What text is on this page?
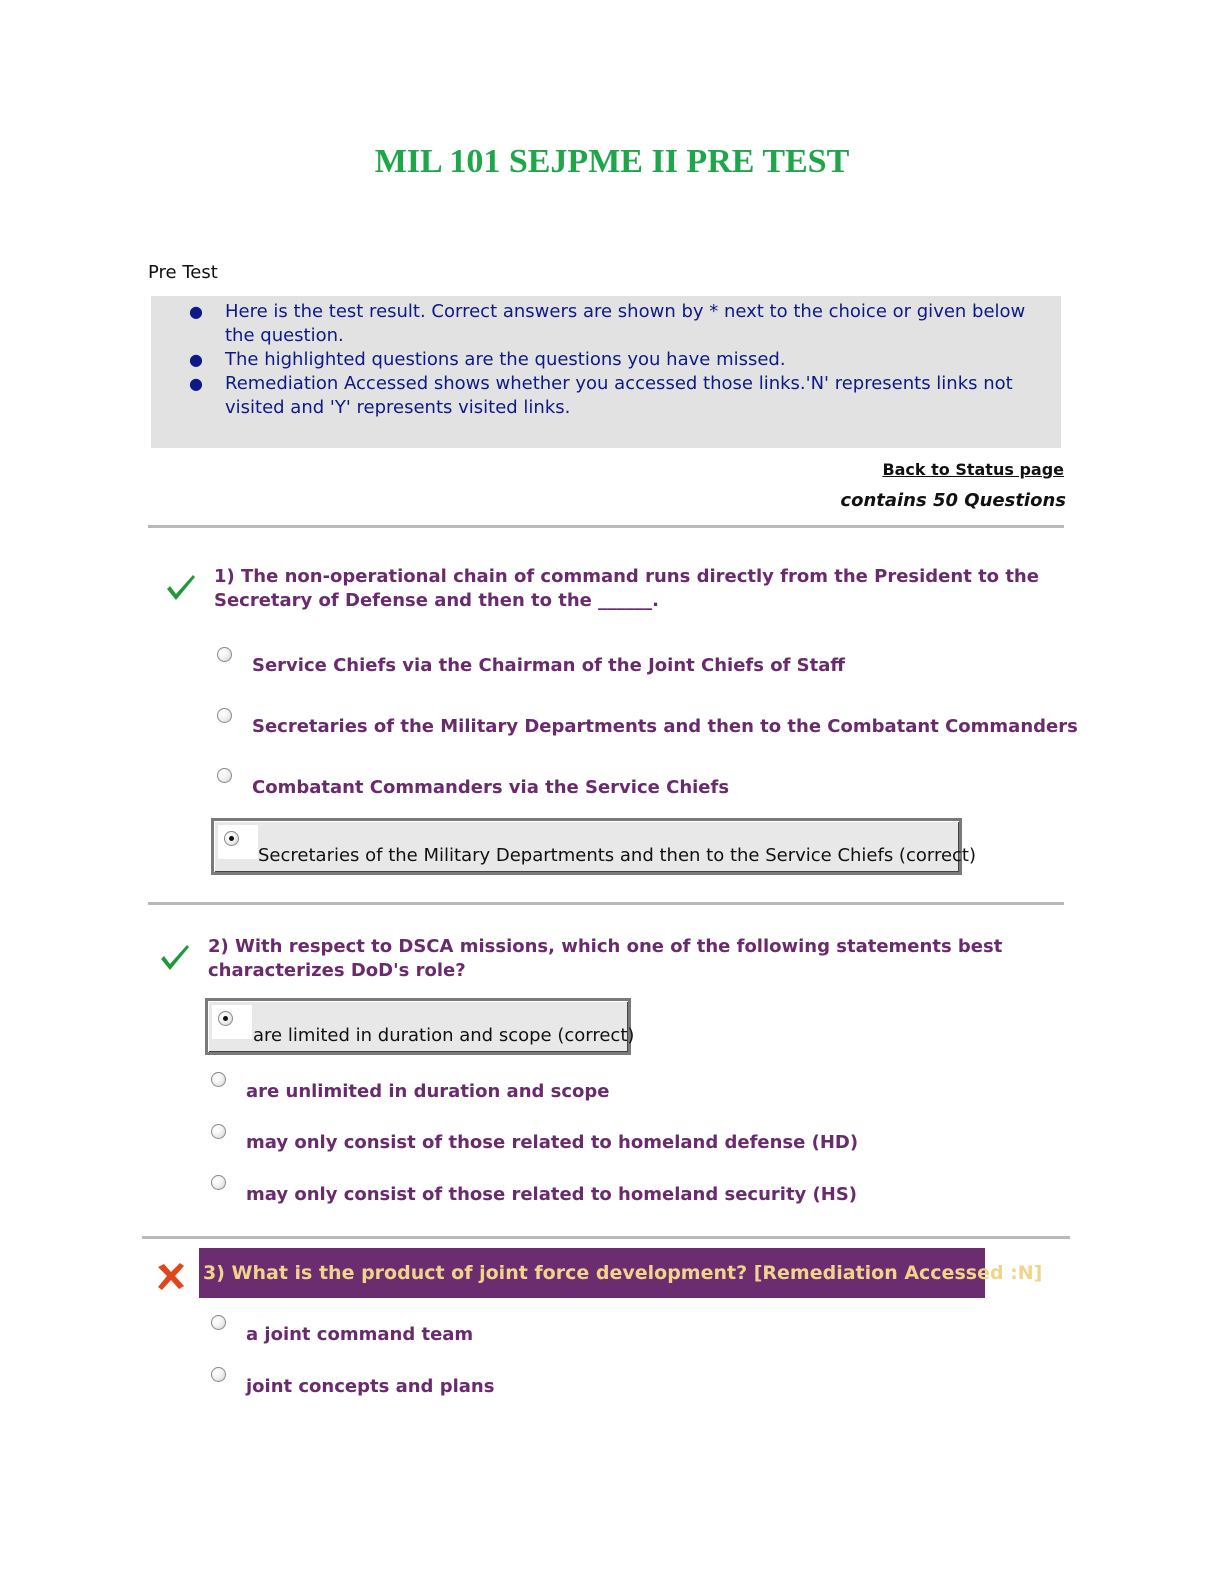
MIL 101 SEJPME II PRE TEST
Pre Test
● Here is the test result. Correct answers are shown by * next to the choice or given below the question.
● The highlighted questions are the questions you have missed.
● Remediation Accessed shows whether you accessed those links.'N' represents links not visited and 'Y' represents visited links.
Back to Status page
contains 50 Questions
1) The non-operational chain of command runs directly from the President to the Secretary of Defense and then to the ______.
Service Chiefs via the Chairman of the Joint Chiefs of Staff
Secretaries of the Military Departments and then to the Combatant Commanders
Combatant Commanders via the Service Chiefs
Secretaries of the Military Departments and then to the Service Chiefs (correct)
2) With respect to DSCA missions, which one of the following statements best characterizes DoD's role?
are limited in duration and scope (correct)
are unlimited in duration and scope
may only consist of those related to homeland defense (HD)
may only consist of those related to homeland security (HS)
3) What is the product of joint force development? [Remediation Accessed :N]
a joint command team
joint concepts and plans
